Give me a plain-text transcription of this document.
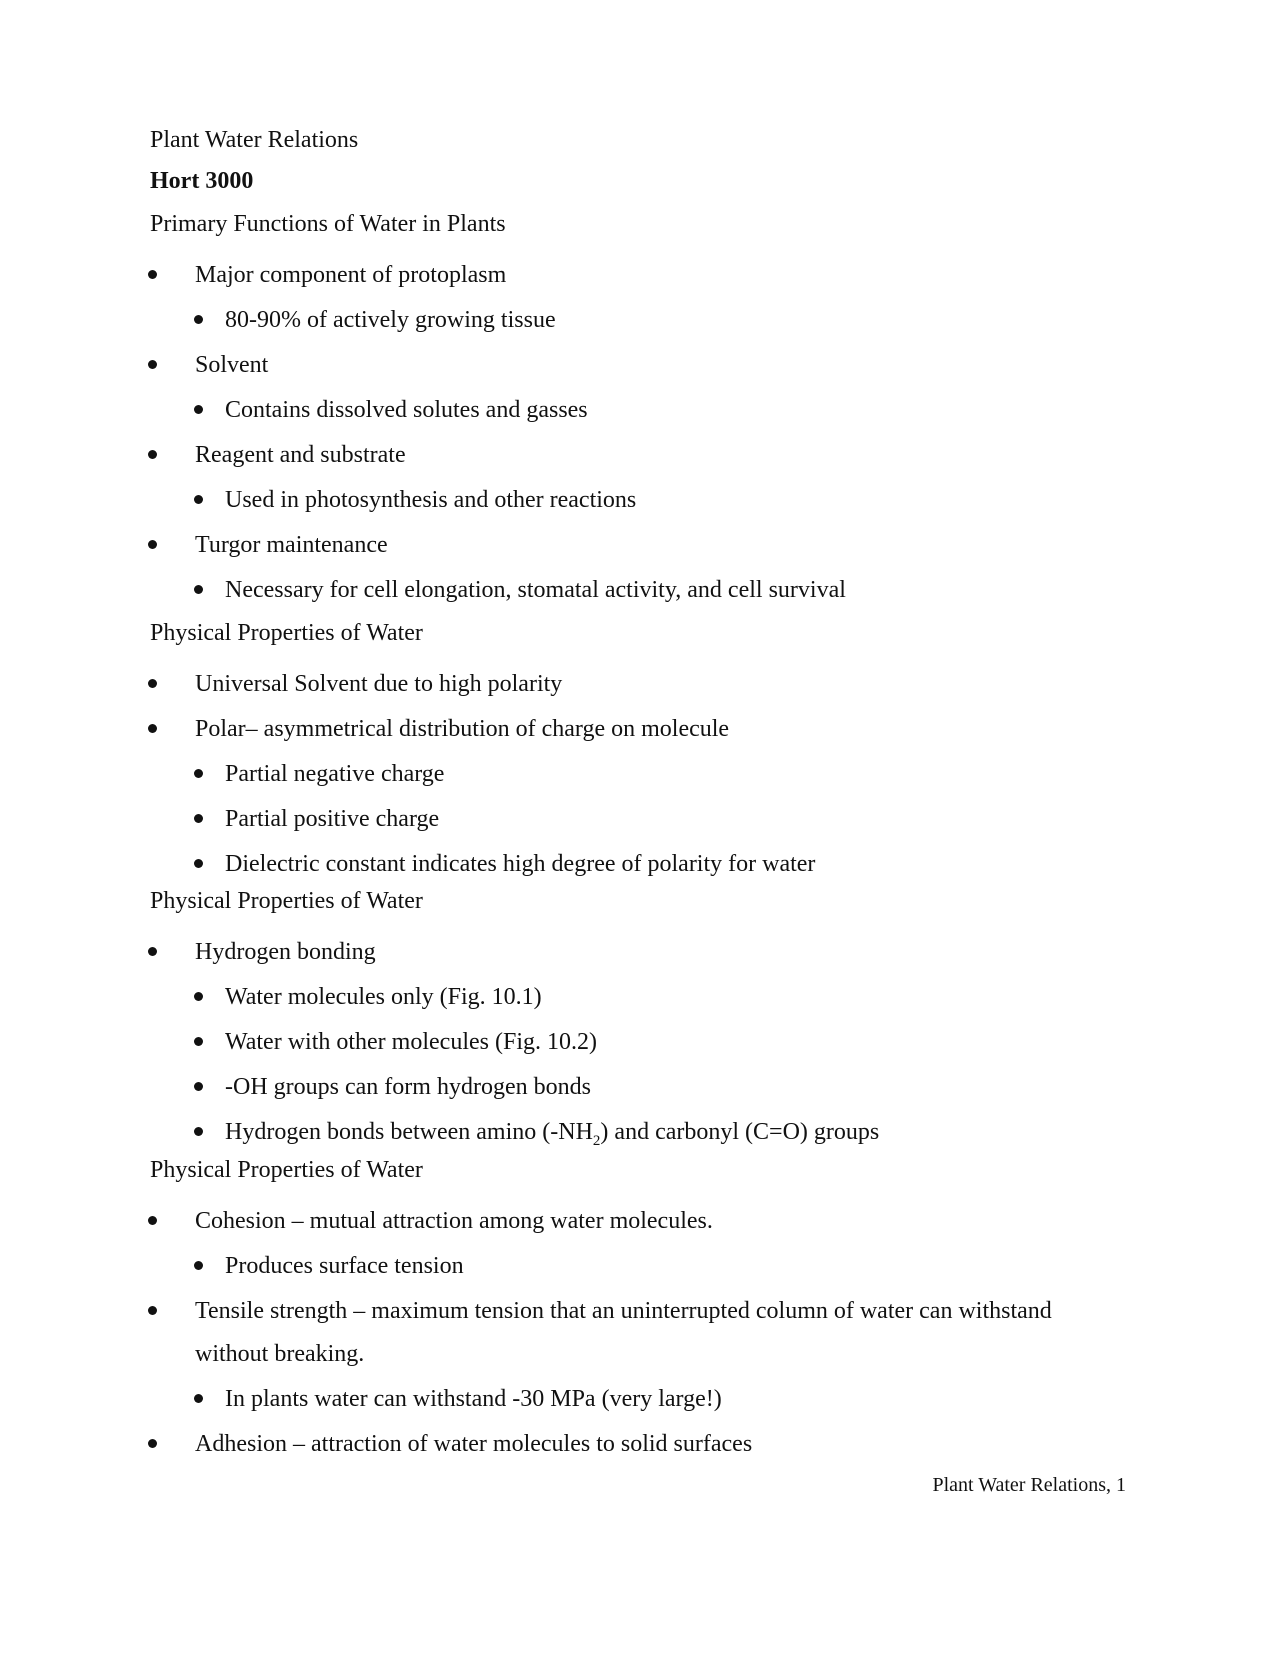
Plant Water Relations
Hort 3000
Primary Functions of Water in Plants
Major component of protoplasm
80-90% of actively growing tissue
Solvent
Contains dissolved solutes and gasses
Reagent and substrate
Used in photosynthesis and other reactions
Turgor maintenance
Necessary for cell elongation, stomatal activity, and cell survival
Physical Properties of Water
Universal Solvent due to high polarity
Polar– asymmetrical distribution of charge on molecule
Partial negative charge
Partial positive charge
Dielectric constant indicates high degree of polarity for water
Physical Properties of Water
Hydrogen bonding
Water molecules only (Fig. 10.1)
Water with other molecules (Fig. 10.2)
-OH groups can form hydrogen bonds
Hydrogen bonds between amino $(-NH_2)$ and carbonyl (C=O) groups
Physical Properties of Water
Cohesion – mutual attraction among water molecules.
Produces surface tension
Tensile strength – maximum tension that an uninterrupted column of water can withstand
without breaking.
In plants water can withstand -30 MPa (very large!)
Adhesion – attraction of water molecules to solid surfaces
Plant Water Relations, 1
